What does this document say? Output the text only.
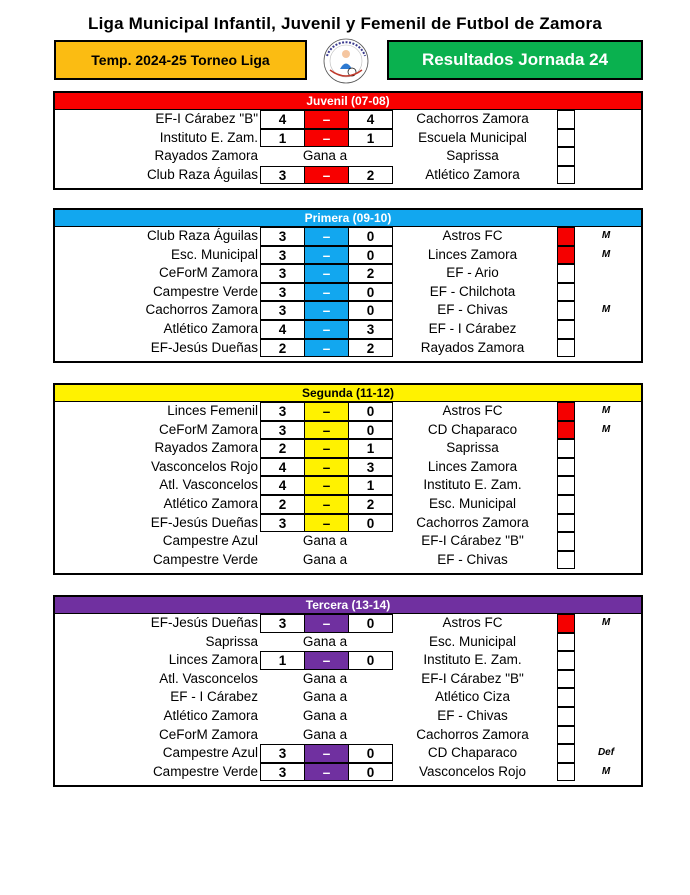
Liga Municipal Infantil, Juvenil y Femenil de Futbol de Zamora
Temp. 2024-25 Torneo Liga	Resultados Jornada 24
Juvenil (07-08)
EF-I Cárabez "B"	4	–	4	Cachorros Zamora
Instituto E. Zam.	1	–	1	Escuela Municipal
Rayados Zamora	Gana a	Saprissa
Club Raza Águilas	3	–	2	Atlético Zamora
Primera (09-10)
Club Raza Águilas	3	–	0	Astros FC	M
Esc. Municipal	3	–	0	Linces Zamora	M
CeForM Zamora	3	–	2	EF - Ario
Campestre Verde	3	–	0	EF - Chilchota
Cachorros Zamora	3	–	0	EF - Chivas	M
Atlético Zamora	4	–	3	EF - I Cárabez
EF-Jesús Dueñas	2	–	2	Rayados Zamora
Segunda (11-12)
Linces Femenil	3	–	0	Astros FC	M
CeForM Zamora	3	–	0	CD Chaparaco	M
Rayados Zamora	2	–	1	Saprissa
Vasconcelos Rojo	4	–	3	Linces Zamora
Atl. Vasconcelos	4	–	1	Instituto E. Zam.
Atlético Zamora	2	–	2	Esc. Municipal
EF-Jesús Dueñas	3	–	0	Cachorros Zamora
Campestre Azul	Gana a	EF-I Cárabez "B"
Campestre Verde	Gana a	EF - Chivas
Tercera (13-14)
EF-Jesús Dueñas	3	–	0	Astros FC	M
Saprissa	Gana a	Esc. Municipal
Linces Zamora	1	–	0	Instituto E. Zam.
Atl. Vasconcelos	Gana a	EF-I Cárabez "B"
EF - I Cárabez	Gana a	Atlético Ciza
Atlético Zamora	Gana a	EF - Chivas
CeForM Zamora	Gana a	Cachorros Zamora
Campestre Azul	3	–	0	CD Chaparaco	Def
Campestre Verde	3	–	0	Vasconcelos Rojo	M
